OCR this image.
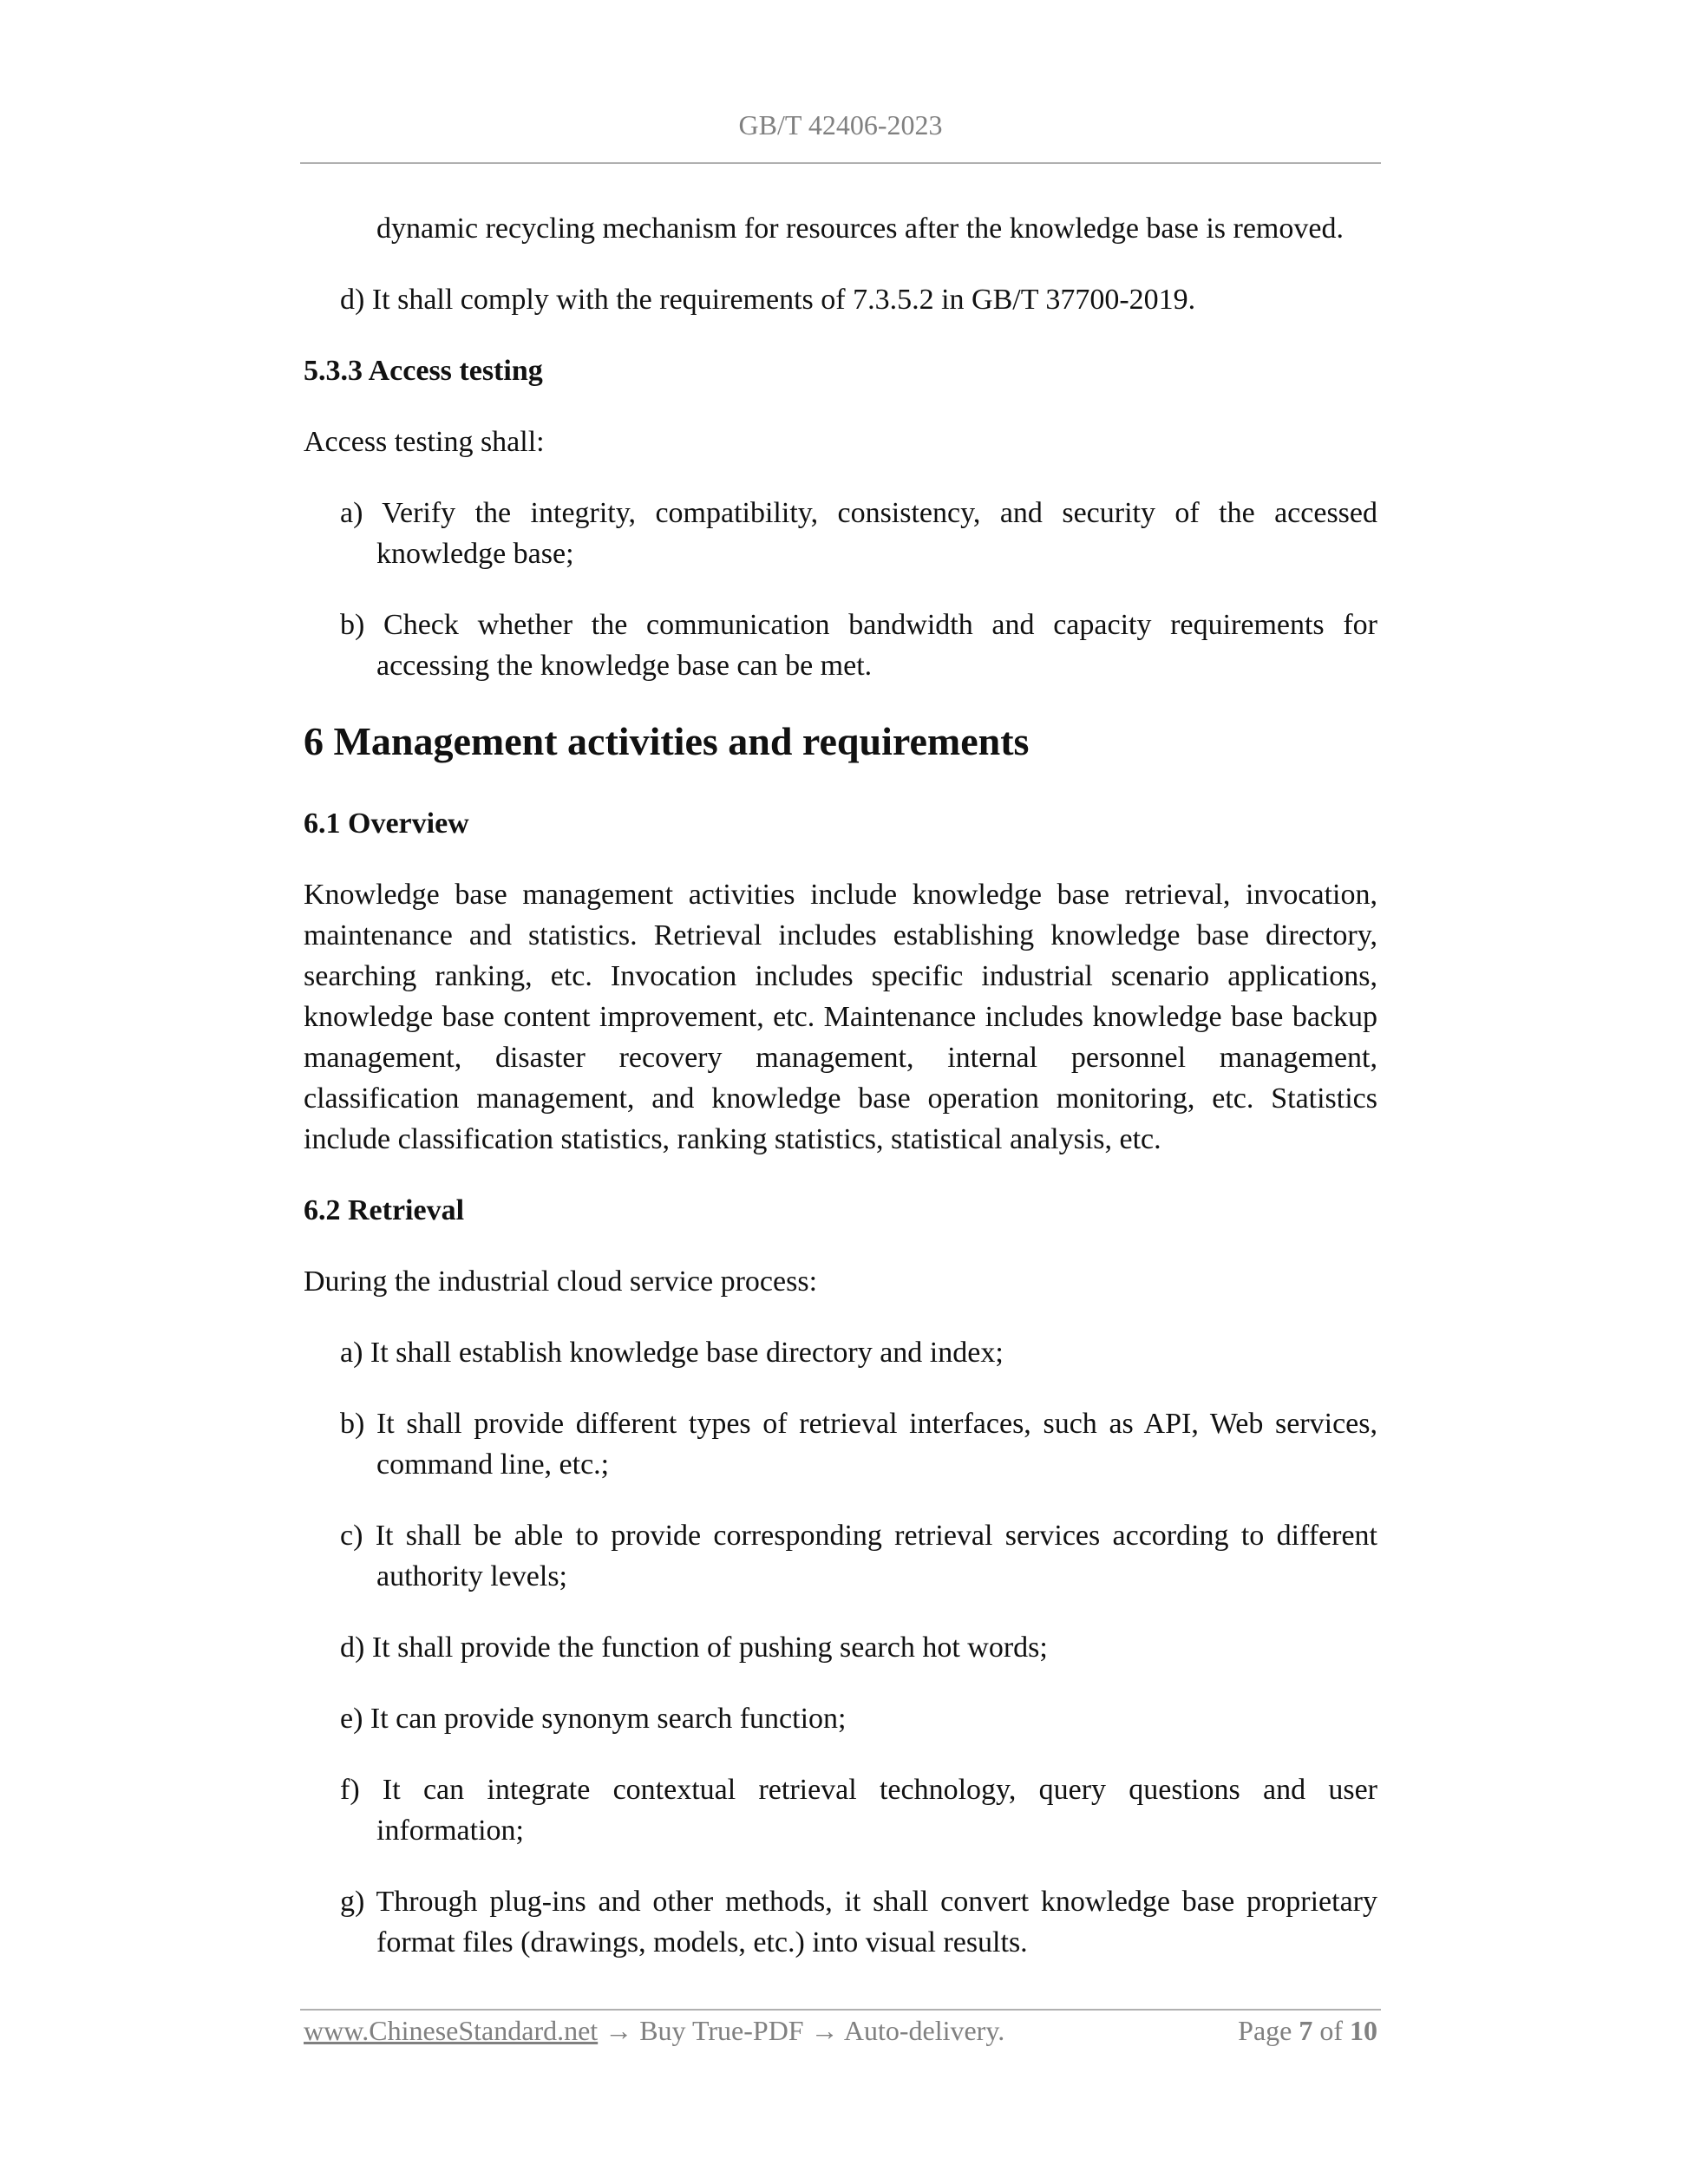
GB/T 42406-2023

dynamic recycling mechanism for resources after the knowledge base is removed.

d) It shall comply with the requirements of 7.3.5.2 in GB/T 37700-2019.

5.3.3 Access testing

Access testing shall:

a) Verify the integrity, compatibility, consistency, and security of the accessed knowledge base;

b) Check whether the communication bandwidth and capacity requirements for accessing the knowledge base can be met.

6 Management activities and requirements

6.1 Overview

Knowledge base management activities include knowledge base retrieval, invocation, maintenance and statistics. Retrieval includes establishing knowledge base directory, searching ranking, etc. Invocation includes specific industrial scenario applications, knowledge base content improvement, etc. Maintenance includes knowledge base backup management, disaster recovery management, internal personnel management, classification management, and knowledge base operation monitoring, etc. Statistics include classification statistics, ranking statistics, statistical analysis, etc.

6.2 Retrieval

During the industrial cloud service process:

a) It shall establish knowledge base directory and index;

b) It shall provide different types of retrieval interfaces, such as API, Web services, command line, etc.;

c) It shall be able to provide corresponding retrieval services according to different authority levels;

d) It shall provide the function of pushing search hot words;

e) It can provide synonym search function;

f) It can integrate contextual retrieval technology, query questions and user information;

g) Through plug-ins and other methods, it shall convert knowledge base proprietary format files (drawings, models, etc.) into visual results.

www.ChineseStandard.net → Buy True-PDF → Auto-delivery.	Page 7 of 10
